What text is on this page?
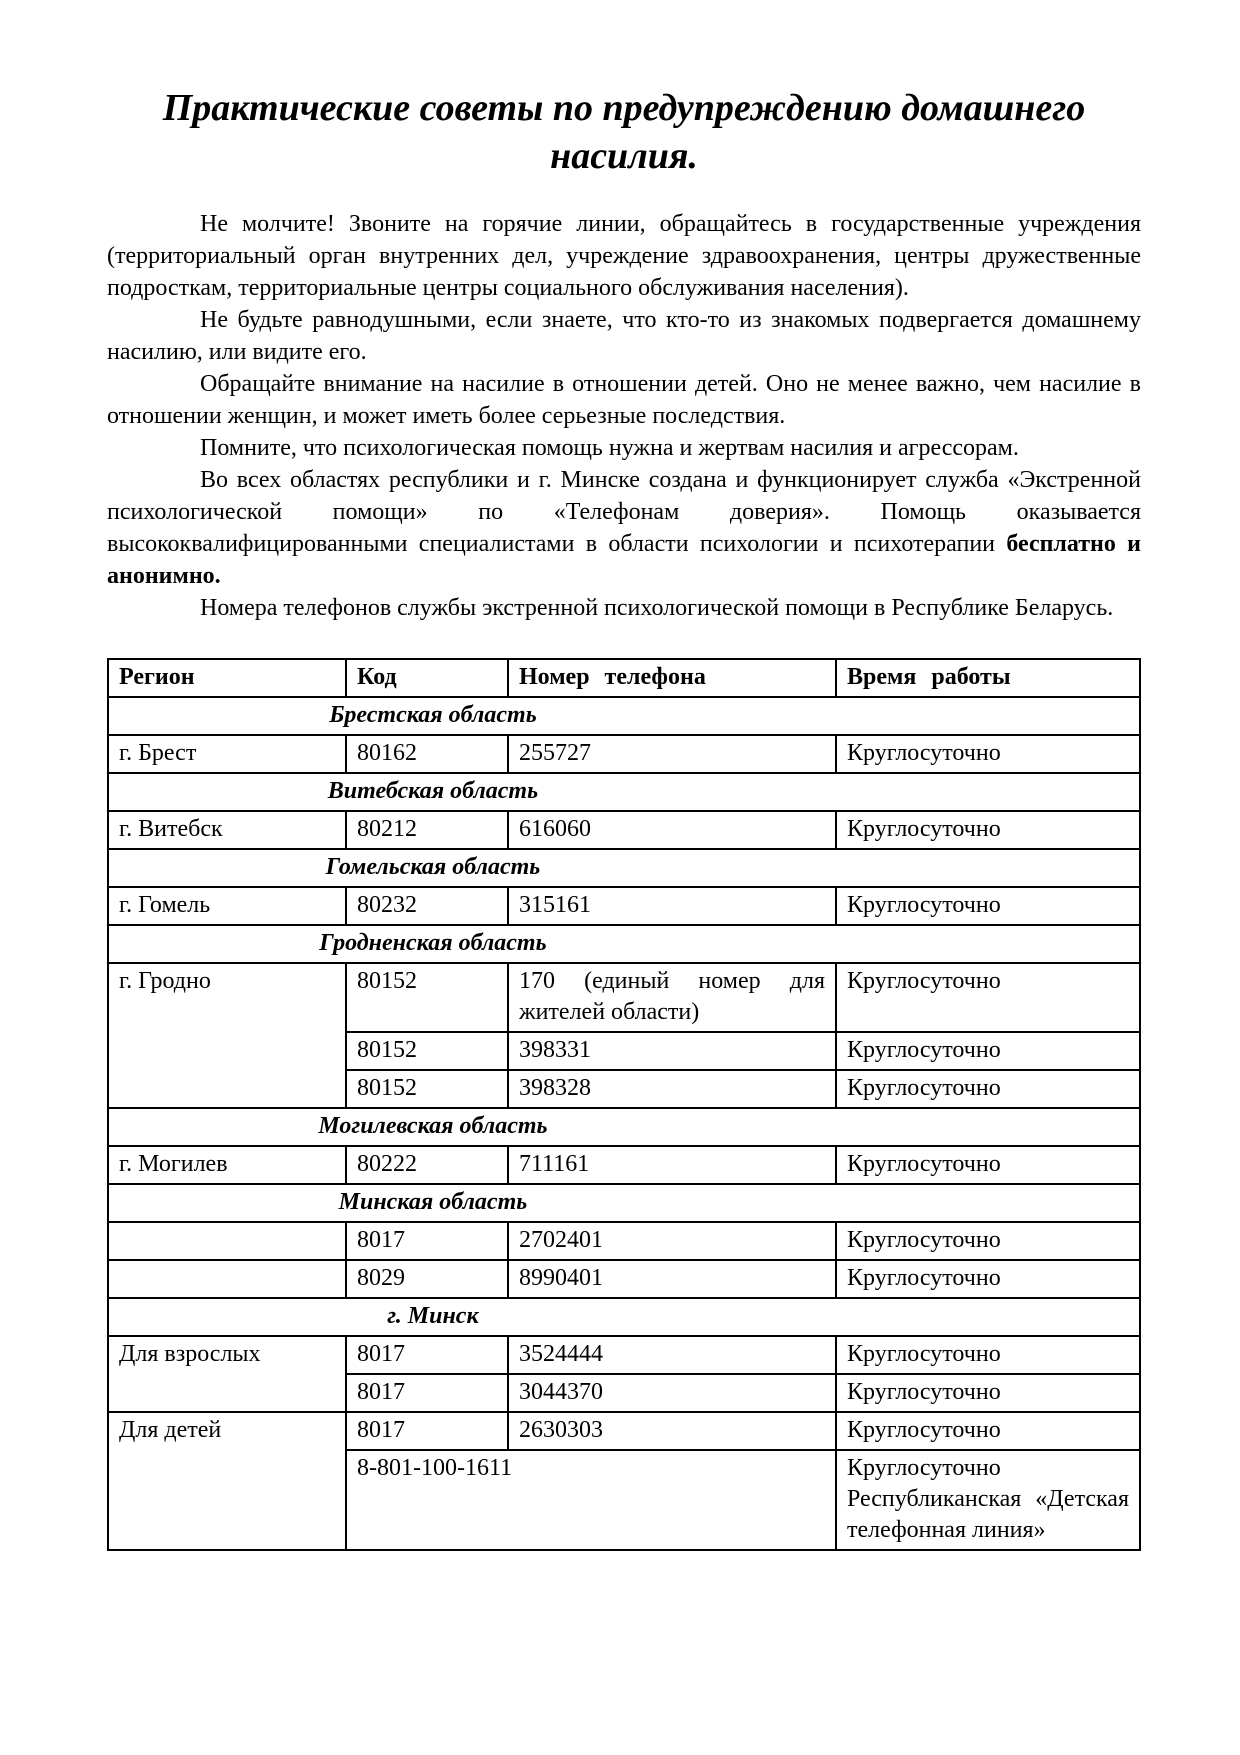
Практические советы по предупреждению домашнего насилия.

Не молчите! Звоните на горячие линии, обращайтесь в государственные учреждения (территориальный орган внутренних дел, учреждение здравоохранения, центры дружественные подросткам, территориальные центры социального обслуживания населения).

Не будьте равнодушными, если знаете, что кто-то из знакомых подвергается домашнему насилию, или видите его.

Обращайте внимание на насилие в отношении детей. Оно не менее важно, чем насилие в отношении женщин, и может иметь более серьезные последствия.

Помните, что психологическая помощь нужна и жертвам насилия и агрессорам.

Во всех областях республики и г. Минске создана и функционирует служба «Экстренной психологической помощи» по «Телефонам доверия». Помощь оказывается высококвалифицированными специалистами в области психологии и психотерапии бесплатно и анонимно.

Номера телефонов службы экстренной психологической помощи в Республике Беларусь.

Регион	Код	Номер телефона	Время работы
Брестская область			
г. Брест	80162	255727	Круглосуточно
Витебская область			
г. Витебск	80212	616060	Круглосуточно
Гомельская область			
г. Гомель	80232	315161	Круглосуточно
Гродненская область			
г. Гродно	80152	170 (единый номер для жителей области)	Круглосуточно
	80152	398331	Круглосуточно
	80152	398328	Круглосуточно
Могилевская область			
г. Могилев	80222	711161	Круглосуточно
Минская область			
	8017	2702401	Круглосуточно
	8029	8990401	Круглосуточно
г. Минск			
Для взрослых	8017	3524444	Круглосуточно
	8017	3044370	Круглосуточно
Для детей	8017	2630303	Круглосуточно
	8-801-100-1611		Круглосуточно Республиканская «Детская телефонная линия»
